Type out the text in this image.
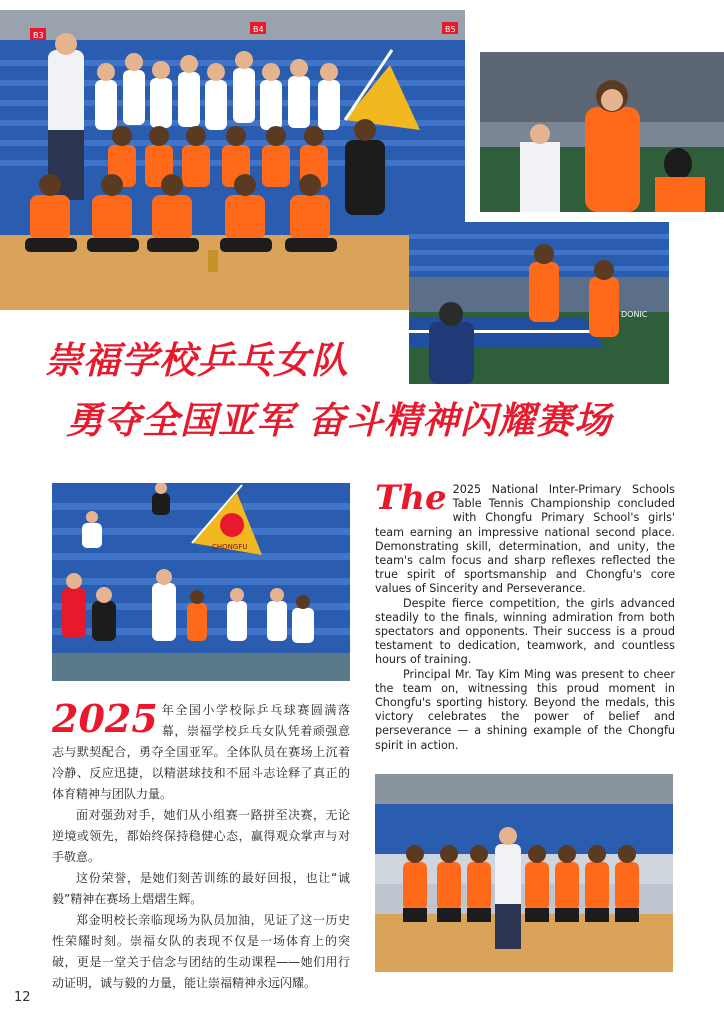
B3
B4	B5
DONIC
崇福学校乒乓女队
勇夺全国亚军 奋斗精神闪耀赛场
CHONGFU

The 2025 National Inter-Primary Schools Table Tennis Championship concluded with Chongfu Primary School's girls' team earning an impressive national second place. Demonstrating skill, determination, and unity, the team's calm focus and sharp reflexes reflected the true spirit of sportsmanship and Chongfu's core values of Sincerity and Perseverance.

Despite fierce competition, the girls advanced steadily to the finals, winning admiration from both spectators and opponents. Their success is a proud testament to dedication, teamwork, and countless hours of training.

Principal Mr. Tay Kim Ming was present to cheer the team on, witnessing this proud moment in Chongfu's sporting history. Beyond the medals, this victory celebrates the power of belief and perseverance — a shining example of the Chongfu spirit in action.

2025 年全国小学校际乒乓球赛圆满落幕，崇福学校乒乓女队凭着顽强意志与默契配合，勇夺全国亚军。全体队员在赛场上沉着冷静、反应迅捷，以精湛球技和不屈斗志诠释了真正的体育精神与团队力量。

面对强劲对手，她们从小组赛一路拼至决赛，无论逆境或领先，都始终保持稳健心态，赢得观众掌声与对手敬意。

这份荣誉，是她们刻苦训练的最好回报，也让“诚毅”精神在赛场上熠熠生辉。

郑金明校长亲临现场为队员加油，见证了这一历史性荣耀时刻。崇福女队的表现不仅是一场体育上的突破，更是一堂关于信念与团结的生动课程——她们用行动证明，诚与毅的力量，能让崇福精神永远闪耀。

12
